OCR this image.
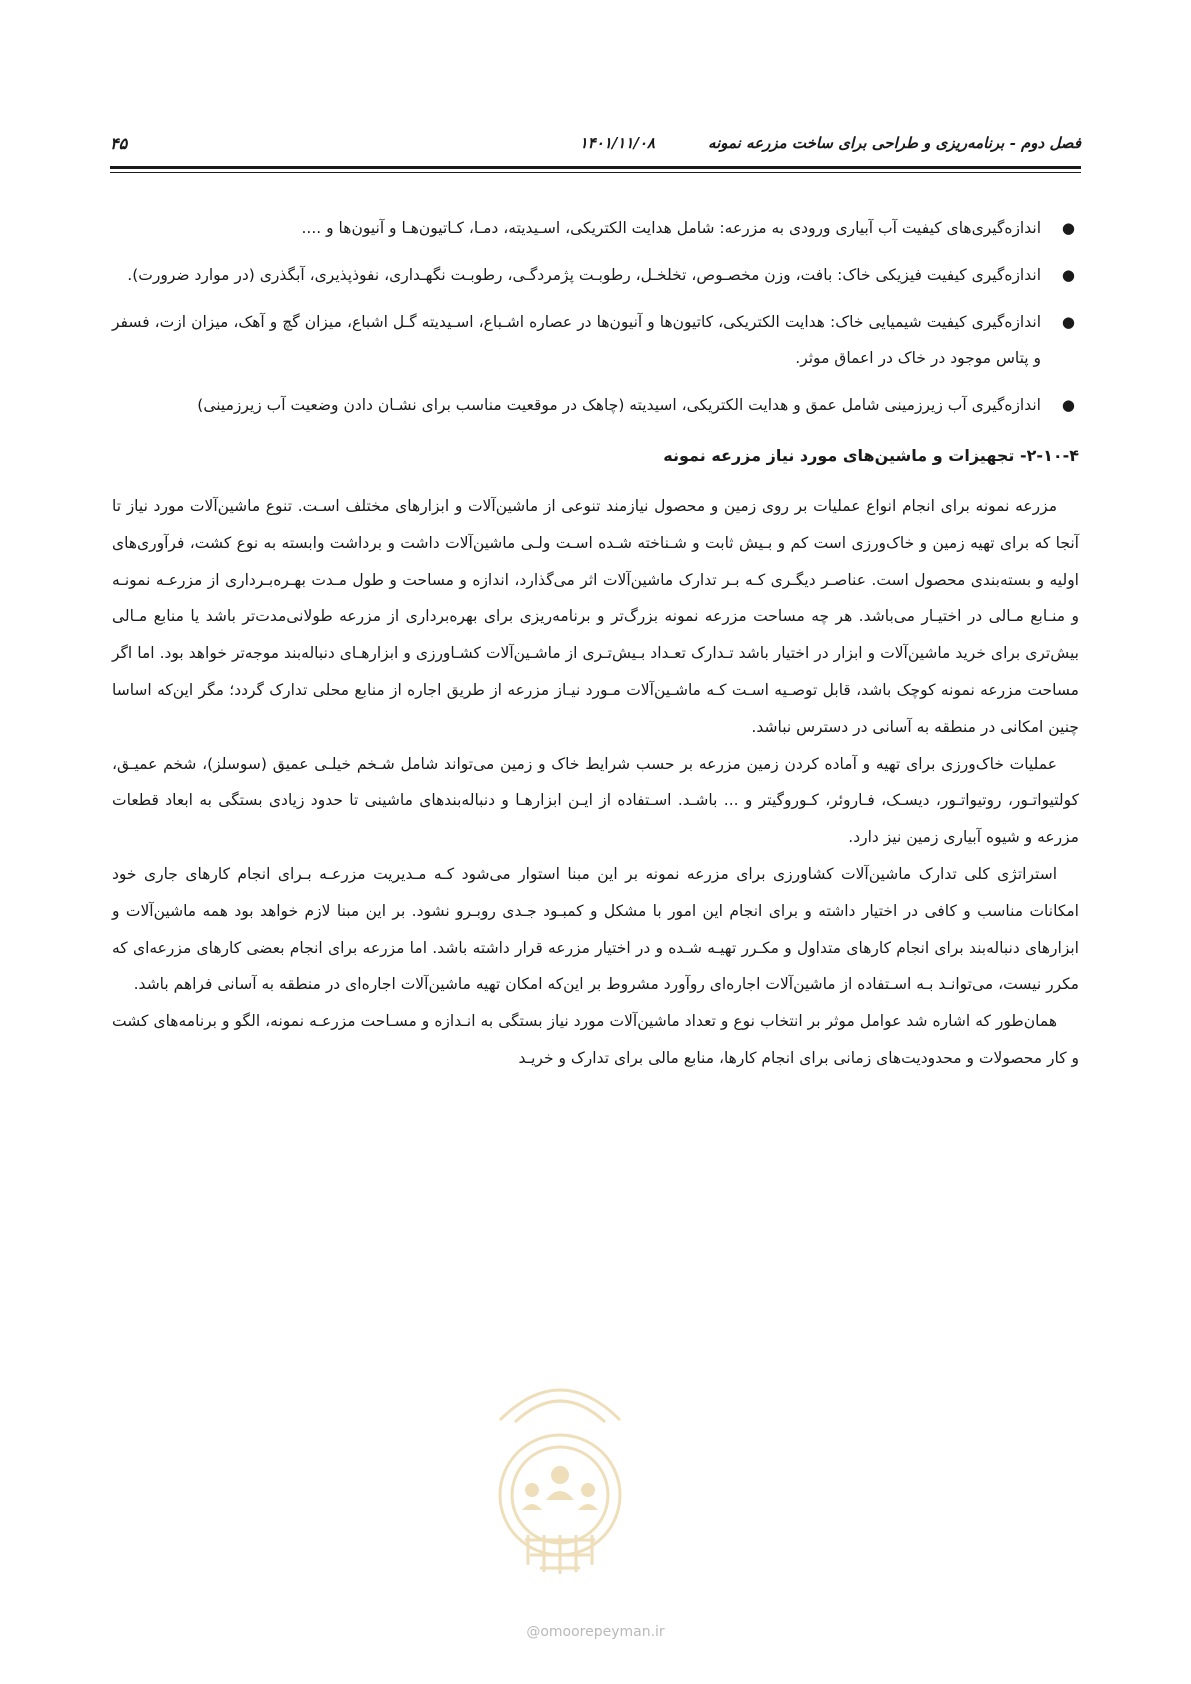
فصل دوم - برنامه‌ریزی و طراحی برای ساخت مزرعه نمونه
۱۴۰۱/۱۱/۰۸
۴۵
●
اندازه‌گیری‌های کیفیت آب آبیاری ورودی به مزرعه: شامل هدایت الکتریکی، اسـیدیته، دمـا، کـاتیون‌هـا و آنیون‌ها و ....
●
اندازه‌گیری کیفیت فیزیکی خاک: بافت، وزن مخصـوص، تخلخـل، رطوبـت پژمردگـی، رطوبـت نگهـداری، نفوذپذیری، آبگذری (در موارد ضرورت).
●
اندازه‌گیری کیفیت شیمیایی خاک: هدایت الکتریکی، کاتیون‌ها و آنیون‌ها در عصاره اشـباع، اسـیدیته گـل اشباع، میزان گچ و آهک، میزان ازت، فسفر و پتاس موجود در خاک در اعماق موثر.
●
اندازه‌گیری آب زیرزمینی شامل عمق و هدایت الکتریکی، اسیدیته (چاهک در موقعیت مناسب برای نشـان دادن وضعیت آب زیرزمینی)
۲-۱۰-۴- تجهیزات و ماشین‌های مورد نیاز مزرعه نمونه

مزرعه نمونه برای انجام انواع عملیات بر روی زمین و محصول نیازمند تنوعی از ماشین‌آلات و ابزارهای مختلف اسـت. تنوع ماشین‌آلات مورد نیاز تا آنجا که برای تهیه زمین و خاک‌ورزی است کم و بـیش ثابت و شـناخته شـده اسـت ولـی ماشین‌آلات داشت و برداشت وابسته به نوع کشت، فرآوری‌های اولیه و بسته‌بندی محصول است. عناصـر دیگـری کـه بـر تدارک ماشین‌آلات اثر می‌گذارد، اندازه و مساحت و طول مـدت بهـره‌بـرداری از مزرعـه نمونـه و منـابع مـالی در اختیـار می‌باشد. هر چه مساحت مزرعه نمونه بزرگ‌تر و برنامه‌ریزی برای بهره‌برداری از مزرعه طولانی‌مدت‌تر باشد یا منابع مـالی بیش‌تری برای خرید ماشین‌آلات و ابزار در اختیار باشد تـدارک تعـداد بـیش‌تـری از ماشـین‌آلات کشـاورزی و ابزارهـای دنباله‌بند موجه‌تر خواهد بود. اما اگر مساحت مزرعه نمونه کوچک باشد، قابل توصـیه اسـت کـه ماشـین‌آلات مـورد نیـاز مزرعه از طریق اجاره از منابع محلی تدارک گردد؛ مگر این‌که اساسا چنین امکانی در منطقه به آسانی در دسترس نباشد.

عملیات خاک‌ورزی برای تهیه و آماده کردن زمین مزرعه بر حسب شرایط خاک و زمین می‌تواند شامل شـخم خیلـی عمیق (سوسلز)، شخم عمیـق، کولتیواتـور، روتیواتـور، دیسـک، فـاروئر، کـوروگیتر و ... باشـد. اسـتفاده از ایـن ابزارهـا و دنباله‌بندهای ماشینی تا حدود زیادی بستگی به ابعاد قطعات مزرعه و شیوه آبیاری زمین نیز دارد.

استراتژی کلی تدارک ماشین‌آلات کشاورزی برای مزرعه نمونه بر این مبنا استوار می‌شود کـه مـدیریت مزرعـه بـرای انجام کارهای جاری خود امکانات مناسب و کافی در اختیار داشته و برای انجام این امور با مشکل و کمبـود جـدی روبـرو نشود. بر این مبنا لازم خواهد بود همه ماشین‌آلات و ابزارهای دنباله‌بند برای انجام کارهای متداول و مکـرر تهیـه شـده و در اختیار مزرعه قرار داشته باشد. اما مزرعه برای انجام بعضی کارهای مزرعه‌ای که مکرر نیست، می‌توانـد بـه اسـتفاده از ماشین‌آلات اجاره‌ای روآورد مشروط بر این‌که امکان تهیه ماشین‌آلات اجاره‌ای در منطقه به آسانی فراهم باشد.

همان‌طور که اشاره شد عوامل موثر بر انتخاب نوع و تعداد ماشین‌آلات مورد نیاز بستگی به انـدازه و مسـاحت مزرعـه نمونه، الگو و برنامه‌های کشت و کار محصولات و محدودیت‌های زمانی برای انجام کارها، منابع مالی برای تدارک و خریـد

@omoorepeyman.ir
